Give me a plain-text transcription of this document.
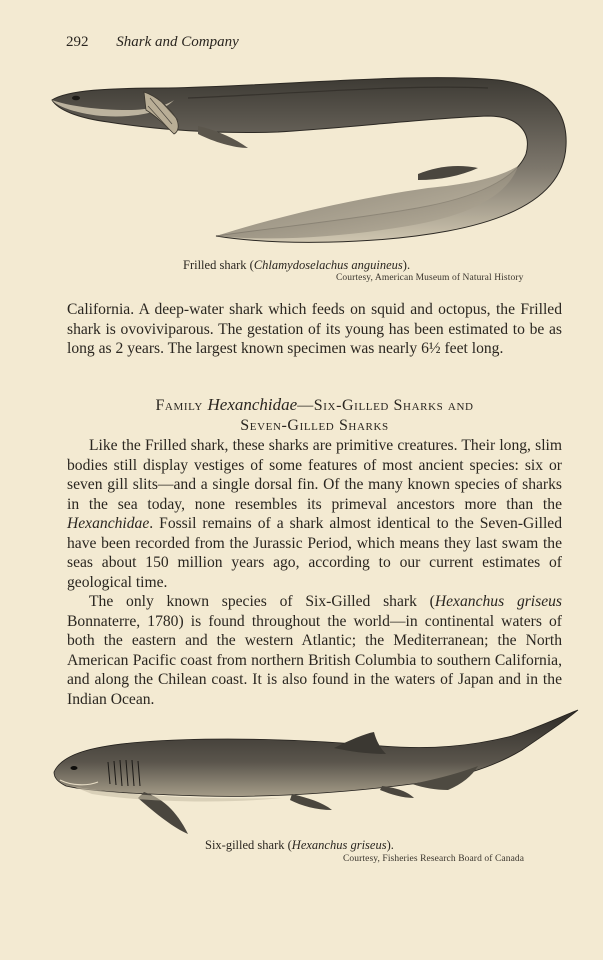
292 Shark and Company
Frilled shark (Chlamydoselachus anguineus).
Courtesy, American Museum of Natural History

California. A deep-water shark which feeds on squid and octopus, the Frilled shark is ovoviviparous. The gestation of its young has been estimated to be as long as 2 years. The largest known specimen was nearly 6½ feet long.

Family Hexanchidae—Six-Gilled Sharks and
Seven-Gilled Sharks

Like the Frilled shark, these sharks are primitive creatures. Their long, slim bodies still display vestiges of some features of most ancient species: six or seven gill slits—and a single dorsal fin. Of the many known species of sharks in the sea today, none resembles its primeval ancestors more than the Hexanchidae. Fossil remains of a shark almost identical to the Seven-Gilled have been recorded from the Jurassic Period, which means they last swam the seas about 150 million years ago, according to our current estimates of geological time.

The only known species of Six-Gilled shark (Hexanchus griseus Bonnaterre, 1780) is found throughout the world—in continental waters of both the eastern and the western Atlantic; the Mediterranean; the North American Pacific coast from northern British Columbia to southern California, and along the Chilean coast. It is also found in the waters of Japan and in the Indian Ocean.

Six-gilled shark (Hexanchus griseus).
Courtesy, Fisheries Research Board of Canada
